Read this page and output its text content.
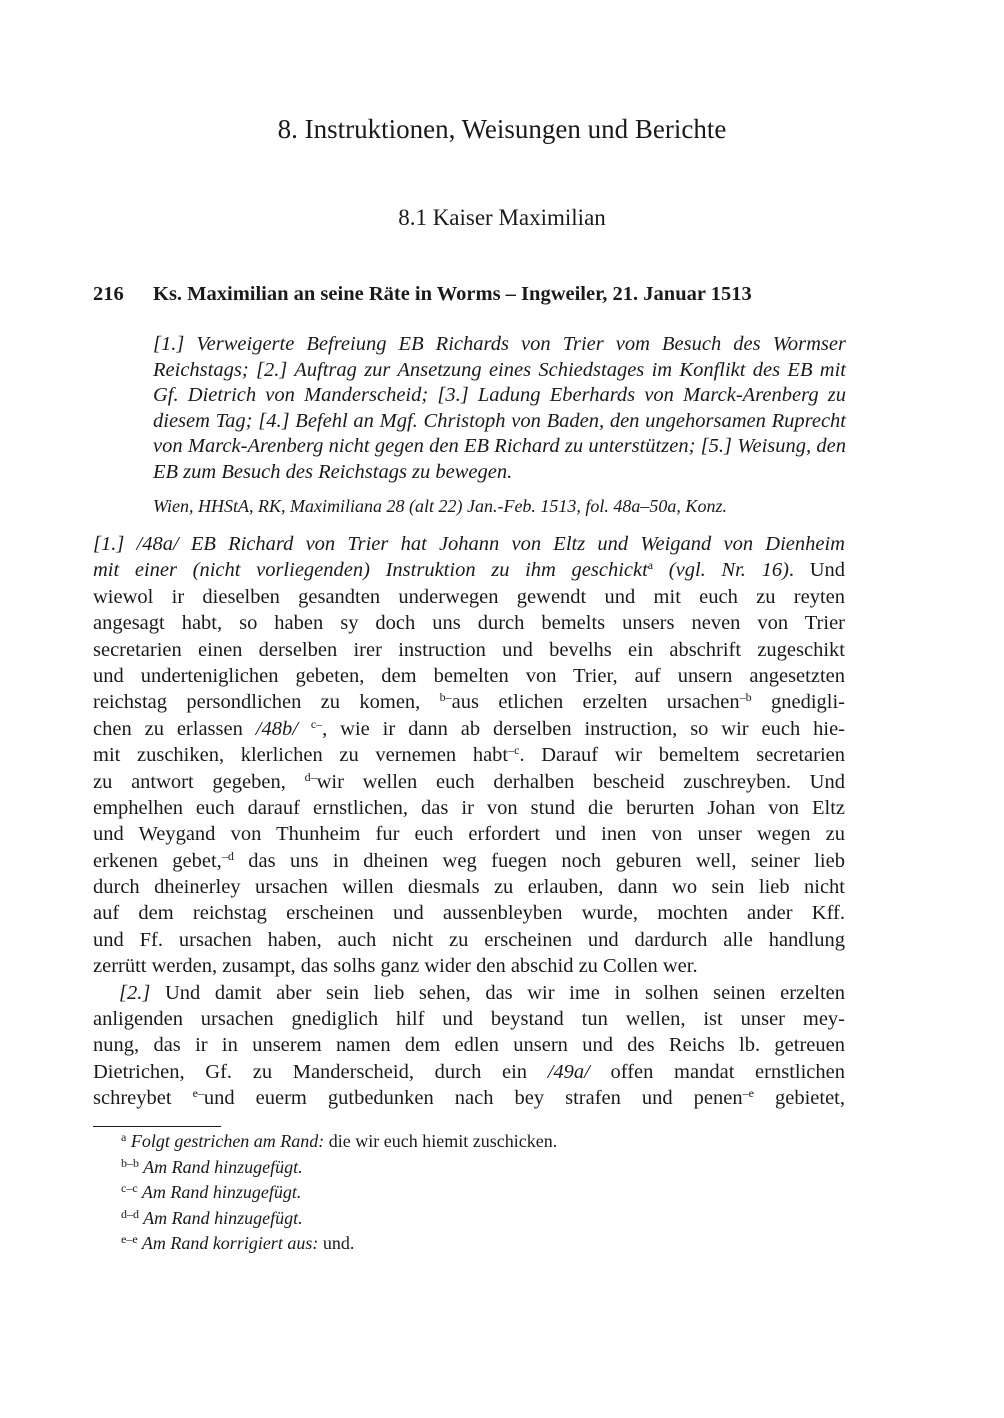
8. Instruktionen, Weisungen und Berichte
8.1 Kaiser Maximilian
216 Ks. Maximilian an seine Räte in Worms – Ingweiler, 21. Januar 1513
[1.] Verweigerte Befreiung EB Richards von Trier vom Besuch des Wormser Reichstags; [2.] Auftrag zur Ansetzung eines Schiedstages im Konflikt des EB mit Gf. Dietrich von Manderscheid; [3.] Ladung Eberhards von Marck-Arenberg zu diesem Tag; [4.] Befehl an Mgf. Christoph von Baden, den ungehorsamen Ruprecht von Marck-Arenberg nicht gegen den EB Richard zu unterstützen; [5.] Weisung, den EB zum Besuch des Reichstags zu bewegen.
Wien, HHStA, RK, Maximiliana 28 (alt 22) Jan.-Feb. 1513, fol. 48a–50a, Konz.
[1.] /48a/ EB Richard von Trier hat Johann von Eltz und Weigand von Dienheim
mit einer (nicht vorliegenden) Instruktion zu ihm geschickt$^a$ (vgl. Nr. 16). Und
wiewol ir dieselben gesandten underwegen gewendt und mit euch zu reyten
angesagt habt, so haben sy doch uns durch bemelts unsers neven von Trier
secretarien einen derselben irer instruction und bevelhs ein abschrift zugeschikt
und underteniglichen gebeten, dem bemelten von Trier, auf unsern angesetzten
reichstag persondlichen zu komen, $^{b-}$aus etlichen erzelten ursachen$^{-b}$ gnedigli-
chen zu erlassen /48b/ $^{c-}$, wie ir dann ab derselben instruction, so wir euch hie-
mit zuschiken, klerlichen zu vernemen habt$^{-c}$. Darauf wir bemeltem secretarien
zu antwort gegeben, $^{d-}$wir wellen euch derhalben bescheid zuschreyben. Und
emphelhen euch darauf ernstlichen, das ir von stund die berurten Johan von Eltz
und Weygand von Thunheim fur euch erfordert und inen von unser wegen zu
erkenen gebet,$^{-d}$ das uns in dheinen weg fuegen noch geburen well, seiner lieb
durch dheinerley ursachen willen diesmals zu erlauben, dann wo sein lieb nicht
auf dem reichstag erscheinen und aussenbleyben wurde, mochten ander Kff.
und Ff. ursachen haben, auch nicht zu erscheinen und dardurch alle handlung
zerrütt werden, zusampt, das solhs ganz wider den abschid zu Collen wer.
[2.] Und damit aber sein lieb sehen, das wir ime in solhen seinen erzelten
anligenden ursachen gnediglich hilf und beystand tun wellen, ist unser mey-
nung, das ir in unserem namen dem edlen unsern und des Reichs lb. getreuen
Dietrichen, Gf. zu Manderscheid, durch ein /49a/ offen mandat ernstlichen
schreybet $^{e-}$und euerm gutbedunken nach bey strafen und penen$^{-e}$ gebietet,
$^a$ Folgt gestrichen am Rand: die wir euch hiemit zuschicken.
$^{b-b}$ Am Rand hinzugefügt.
$^{c-c}$ Am Rand hinzugefügt.
$^{d-d}$ Am Rand hinzugefügt.
$^{e-e}$ Am Rand korrigiert aus: und.
